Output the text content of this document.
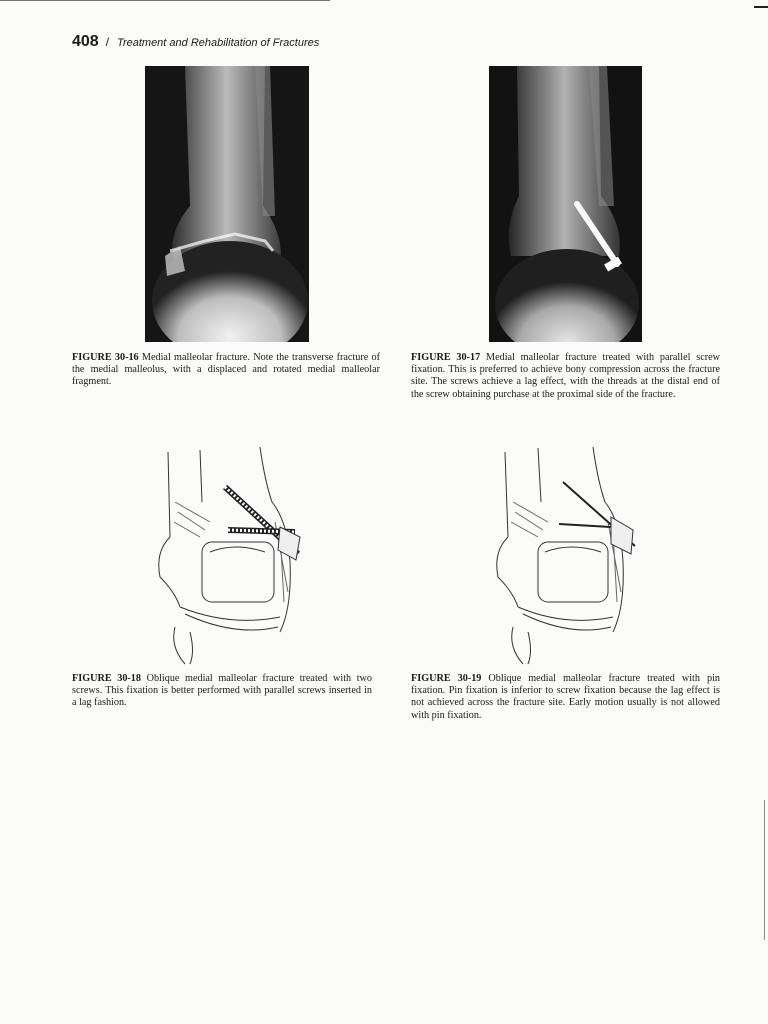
408 / Treatment and Rehabilitation of Fractures

FIGURE 30-16 Medial malleolar fracture. Note the transverse fracture of the medial malleolus, with a displaced and rotated medial malleolar fragment.

FIGURE 30-17 Medial malleolar fracture treated with parallel screw fixation. This is preferred to achieve bony compression across the fracture site. The screws achieve a lag effect, with the threads at the distal end of the screw obtaining purchase at the proximal side of the fracture.

FIGURE 30-18 Oblique medial malleolar fracture treated with two screws. This fixation is better performed with parallel screws inserted in a lag fashion.

FIGURE 30-19 Oblique medial malleolar fracture treated with pin fixation. Pin fixation is inferior to screw fixation because the lag effect is not achieved across the fracture site. Early motion usually is not allowed with pin fixation.
